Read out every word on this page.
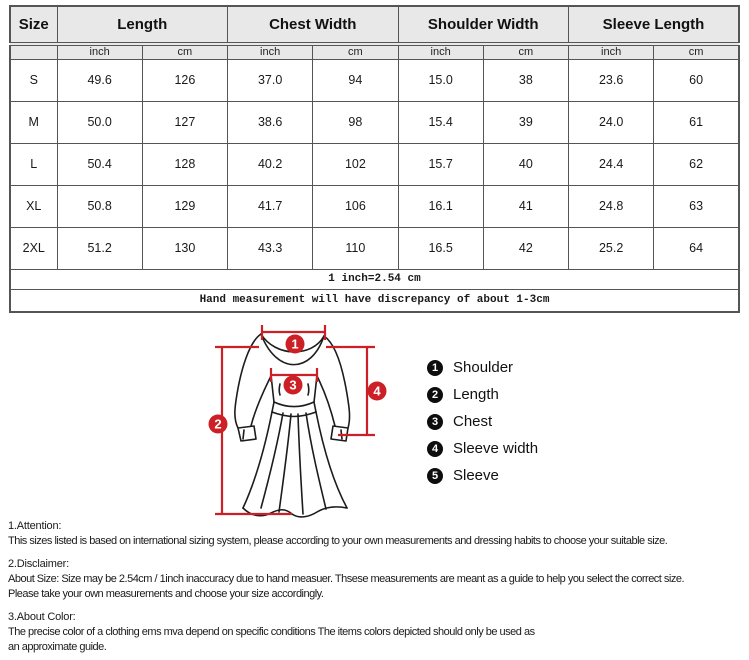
Size	Length		Chest Width		Shoulder Width		Sleeve Length	
	inch	cm	inch	cm	inch	cm	inch	cm
S	49.6	126	37.0	94	15.0	38	23.6	60
M	50.0	127	38.6	98	15.4	39	24.0	61
L	50.4	128	40.2	102	15.7	40	24.4	62
XL	50.8	129	41.7	106	16.1	41	24.8	63
2XL	51.2	130	43.3	110	16.5	42	25.2	64
1 inch=2.54 cm								
Hand measurement will have discrepancy of about 1-3cm								
1
2
3	4
1 Shoulder
2 Length
3 Chest
4 Sleeve width
5 Sleeve
1.Attention:
This sizes listed is based on international sizing system, please according to your own measurements and dressing habits to choose your suitable size.
2.Disclaimer:
About Size: Size may be 2.54cm / 1inch inaccuracy due to hand measuer. Thsese measurements are meant as a guide to help you select the correct size.
Please take your own measurements and choose your size accordingly.
3.About Color:
The precise color of a clothing ems mva depend on specific conditions The items colors depicted should only be used as
an approximate guide.
